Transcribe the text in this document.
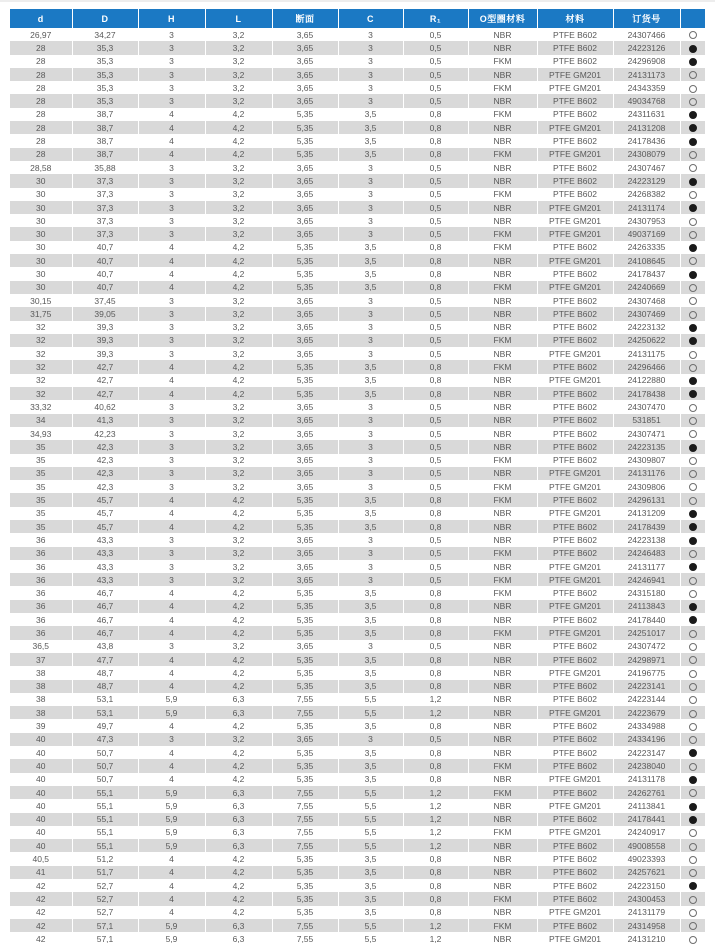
d	D	H	L	断面	C	R₁	O型圈材料	材料	订货号	
26,97	34,27	3	3,2	3,65	3	0,5	NBR	PTFE B602	24307466	
28	35,3	3	3,2	3,65	3	0,5	NBR	PTFE B602	24223126	
28	35,3	3	3,2	3,65	3	0,5	FKM	PTFE B602	24296908	
28	35,3	3	3,2	3,65	3	0,5	NBR	PTFE GM201	24131173	
28	35,3	3	3,2	3,65	3	0,5	FKM	PTFE GM201	24343359	
28	35,3	3	3,2	3,65	3	0,5	NBR	PTFE B602	49034768	
28	38,7	4	4,2	5,35	3,5	0,8	FKM	PTFE B602	24311631	
28	38,7	4	4,2	5,35	3,5	0,8	NBR	PTFE GM201	24131208	
28	38,7	4	4,2	5,35	3,5	0,8	NBR	PTFE B602	24178436	
28	38,7	4	4,2	5,35	3,5	0,8	FKM	PTFE GM201	24308079	
28,58	35,88	3	3,2	3,65	3	0,5	NBR	PTFE B602	24307467	
30	37,3	3	3,2	3,65	3	0,5	NBR	PTFE B602	24223129	
30	37,3	3	3,2	3,65	3	0,5	FKM	PTFE B602	24268382	
30	37,3	3	3,2	3,65	3	0,5	NBR	PTFE GM201	24131174	
30	37,3	3	3,2	3,65	3	0,5	NBR	PTFE GM201	24307953	
30	37,3	3	3,2	3,65	3	0,5	FKM	PTFE GM201	49037169	
30	40,7	4	4,2	5,35	3,5	0,8	FKM	PTFE B602	24263335	
30	40,7	4	4,2	5,35	3,5	0,8	NBR	PTFE GM201	24108645	
30	40,7	4	4,2	5,35	3,5	0,8	NBR	PTFE B602	24178437	
30	40,7	4	4,2	5,35	3,5	0,8	FKM	PTFE GM201	24240669	
30,15	37,45	3	3,2	3,65	3	0,5	NBR	PTFE B602	24307468	
31,75	39,05	3	3,2	3,65	3	0,5	NBR	PTFE B602	24307469	
32	39,3	3	3,2	3,65	3	0,5	NBR	PTFE B602	24223132	
32	39,3	3	3,2	3,65	3	0,5	FKM	PTFE B602	24250622	
32	39,3	3	3,2	3,65	3	0,5	NBR	PTFE GM201	24131175	
32	42,7	4	4,2	5,35	3,5	0,8	FKM	PTFE B602	24296466	
32	42,7	4	4,2	5,35	3,5	0,8	NBR	PTFE GM201	24122880	
32	42,7	4	4,2	5,35	3,5	0,8	NBR	PTFE B602	24178438	
33,32	40,62	3	3,2	3,65	3	0,5	NBR	PTFE B602	24307470	
34	41,3	3	3,2	3,65	3	0,5	NBR	PTFE B602	531851	
34,93	42,23	3	3,2	3,65	3	0,5	NBR	PTFE B602	24307471	
35	42,3	3	3,2	3,65	3	0,5	NBR	PTFE B602	24223135	
35	42,3	3	3,2	3,65	3	0,5	FKM	PTFE B602	24309807	
35	42,3	3	3,2	3,65	3	0,5	NBR	PTFE GM201	24131176	
35	42,3	3	3,2	3,65	3	0,5	FKM	PTFE GM201	24309806	
35	45,7	4	4,2	5,35	3,5	0,8	FKM	PTFE B602	24296131	
35	45,7	4	4,2	5,35	3,5	0,8	NBR	PTFE GM201	24131209	
35	45,7	4	4,2	5,35	3,5	0,8	NBR	PTFE B602	24178439	
36	43,3	3	3,2	3,65	3	0,5	NBR	PTFE B602	24223138	
36	43,3	3	3,2	3,65	3	0,5	FKM	PTFE B602	24246483	
36	43,3	3	3,2	3,65	3	0,5	NBR	PTFE GM201	24131177	
36	43,3	3	3,2	3,65	3	0,5	FKM	PTFE GM201	24246941	
36	46,7	4	4,2	5,35	3,5	0,8	FKM	PTFE B602	24315180	
36	46,7	4	4,2	5,35	3,5	0,8	NBR	PTFE GM201	24113843	
36	46,7	4	4,2	5,35	3,5	0,8	NBR	PTFE B602	24178440	
36	46,7	4	4,2	5,35	3,5	0,8	FKM	PTFE GM201	24251017	
36,5	43,8	3	3,2	3,65	3	0,5	NBR	PTFE B602	24307472	
37	47,7	4	4,2	5,35	3,5	0,8	NBR	PTFE B602	24298971	
38	48,7	4	4,2	5,35	3,5	0,8	NBR	PTFE GM201	24196775	
38	48,7	4	4,2	5,35	3,5	0,8	NBR	PTFE B602	24223141	
38	53,1	5,9	6,3	7,55	5,5	1,2	NBR	PTFE B602	24223144	
38	53,1	5,9	6,3	7,55	5,5	1,2	NBR	PTFE GM201	24223679	
39	49,7	4	4,2	5,35	3,5	0,8	NBR	PTFE B602	24334988	
40	47,3	3	3,2	3,65	3	0,5	NBR	PTFE B602	24334196	
40	50,7	4	4,2	5,35	3,5	0,8	NBR	PTFE B602	24223147	
40	50,7	4	4,2	5,35	3,5	0,8	FKM	PTFE B602	24238040	
40	50,7	4	4,2	5,35	3,5	0,8	NBR	PTFE GM201	24131178	
40	55,1	5,9	6,3	7,55	5,5	1,2	FKM	PTFE B602	24262761	
40	55,1	5,9	6,3	7,55	5,5	1,2	NBR	PTFE GM201	24113841	
40	55,1	5,9	6,3	7,55	5,5	1,2	NBR	PTFE B602	24178441	
40	55,1	5,9	6,3	7,55	5,5	1,2	FKM	PTFE GM201	24240917	
40	55,1	5,9	6,3	7,55	5,5	1,2	NBR	PTFE B602	49008558	
40,5	51,2	4	4,2	5,35	3,5	0,8	NBR	PTFE B602	49023393	
41	51,7	4	4,2	5,35	3,5	0,8	NBR	PTFE B602	24257621	
42	52,7	4	4,2	5,35	3,5	0,8	NBR	PTFE B602	24223150	
42	52,7	4	4,2	5,35	3,5	0,8	FKM	PTFE B602	24300453	
42	52,7	4	4,2	5,35	3,5	0,8	NBR	PTFE GM201	24131179	
42	57,1	5,9	6,3	7,55	5,5	1,2	FKM	PTFE B602	24314958	
42	57,1	5,9	6,3	7,55	5,5	1,2	NBR	PTFE GM201	24131210	
